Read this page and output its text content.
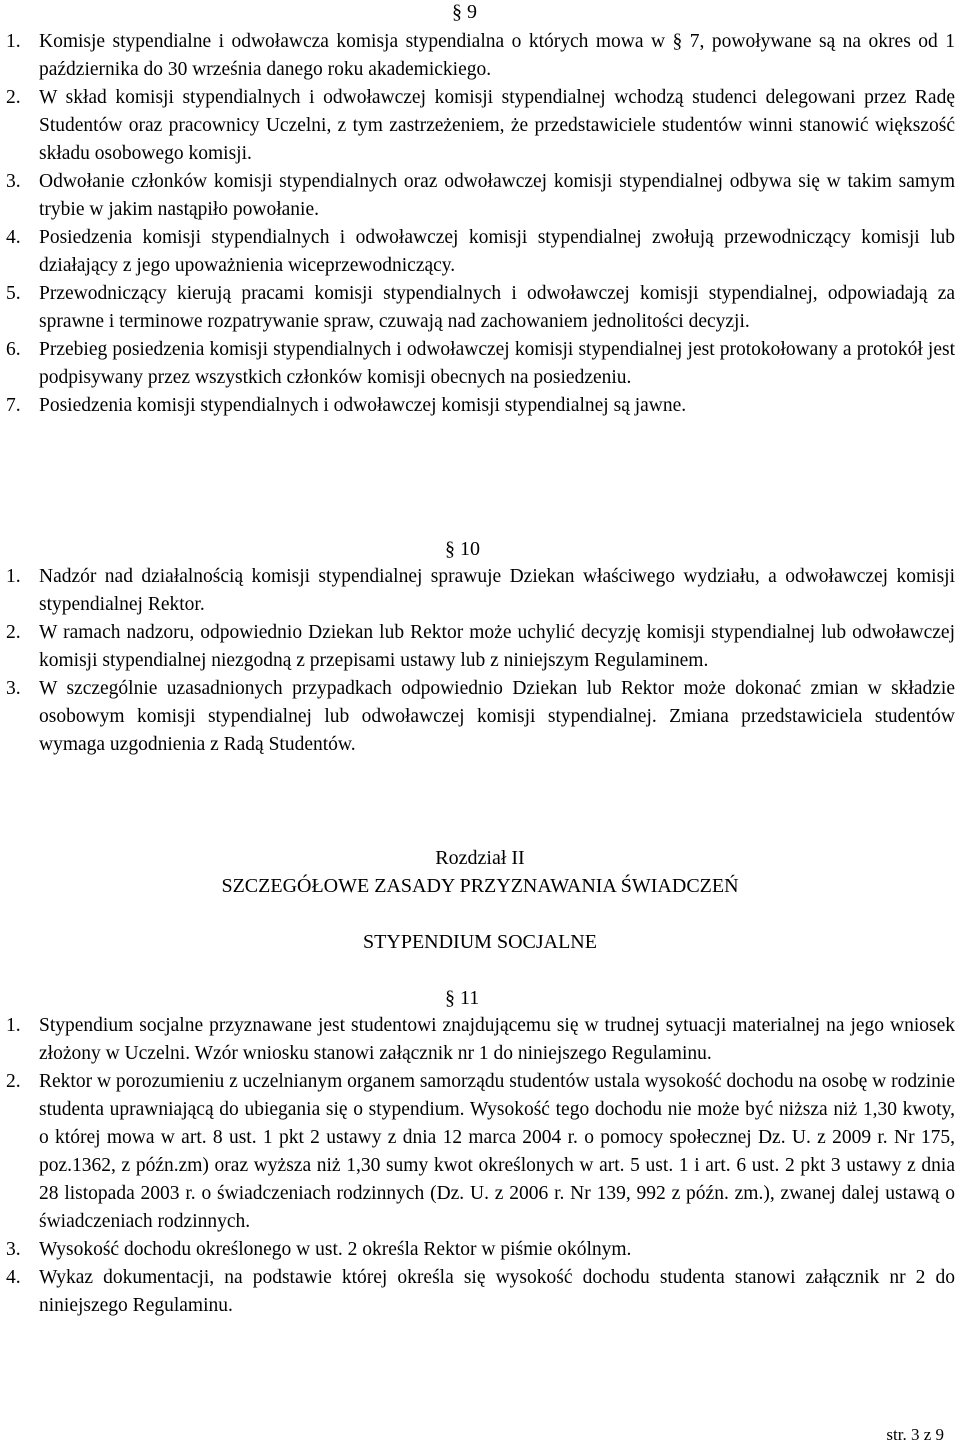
§ 9
1. Komisje stypendialne i odwoławcza komisja stypendialna o których mowa w § 7, powoływane są na okres od 1 października do 30 września danego roku akademickiego.
2. W skład komisji stypendialnych i odwoławczej komisji stypendialnej wchodzą studenci delegowani przez Radę Studentów oraz pracownicy Uczelni, z tym zastrzeżeniem, że przedstawiciele studentów winni stanowić większość składu osobowego komisji.
3. Odwołanie członków komisji stypendialnych oraz odwoławczej komisji stypendialnej odbywa się w takim samym trybie w jakim nastąpiło powołanie.
4. Posiedzenia komisji stypendialnych i odwoławczej komisji stypendialnej zwołują przewodniczący komisji lub działający z jego upoważnienia wiceprzewodniczący.
5. Przewodniczący kierują pracami komisji stypendialnych i odwoławczej komisji stypendialnej, odpowiadają za sprawne i terminowe rozpatrywanie spraw, czuwają nad zachowaniem jednolitości decyzji.
6. Przebieg posiedzenia komisji stypendialnych i odwoławczej komisji stypendialnej jest protokołowany a protokół jest podpisywany przez wszystkich członków komisji obecnych na posiedzeniu.
7. Posiedzenia komisji stypendialnych i odwoławczej komisji stypendialnej są jawne.
§ 10
1. Nadzór nad działalnością komisji stypendialnej sprawuje Dziekan właściwego wydziału, a odwoławczej komisji stypendialnej Rektor.
2. W ramach nadzoru, odpowiednio Dziekan lub Rektor może uchylić decyzję komisji stypendialnej lub odwoławczej komisji stypendialnej niezgodną z przepisami ustawy lub z niniejszym Regulaminem.
3. W szczególnie uzasadnionych przypadkach odpowiednio Dziekan lub Rektor może dokonać zmian w składzie osobowym komisji stypendialnej lub odwoławczej komisji stypendialnej. Zmiana przedstawiciela studentów wymaga uzgodnienia z Radą Studentów.
Rozdział II
SZCZEGÓŁOWE ZASADY PRZYZNAWANIA ŚWIADCZEŃ
STYPENDIUM SOCJALNE
§ 11
1. Stypendium socjalne przyznawane jest studentowi znajdującemu się w trudnej sytuacji materialnej na jego wniosek złożony w Uczelni. Wzór wniosku stanowi załącznik nr 1 do niniejszego Regulaminu.
2. Rektor w porozumieniu z uczelnianym organem samorządu studentów ustala wysokość dochodu na osobę w rodzinie studenta uprawniającą do ubiegania się o stypendium. Wysokość tego dochodu nie może być niższa niż 1,30 kwoty, o której mowa w art. 8 ust. 1 pkt 2 ustawy z dnia 12 marca 2004 r. o pomocy społecznej Dz. U. z 2009 r. Nr 175, poz.1362, z późn.zm) oraz wyższa niż 1,30 sumy kwot określonych w art. 5 ust. 1 i art. 6 ust. 2 pkt 3 ustawy z dnia 28 listopada 2003 r. o świadczeniach rodzinnych (Dz. U. z 2006 r. Nr 139, 992 z późn. zm.), zwanej dalej ustawą o świadczeniach rodzinnych.
3. Wysokość dochodu określonego w ust. 2 określa Rektor w piśmie okólnym.
4. Wykaz dokumentacji, na podstawie której określa się wysokość dochodu studenta stanowi załącznik nr 2 do niniejszego Regulaminu.
str. 3 z 9
